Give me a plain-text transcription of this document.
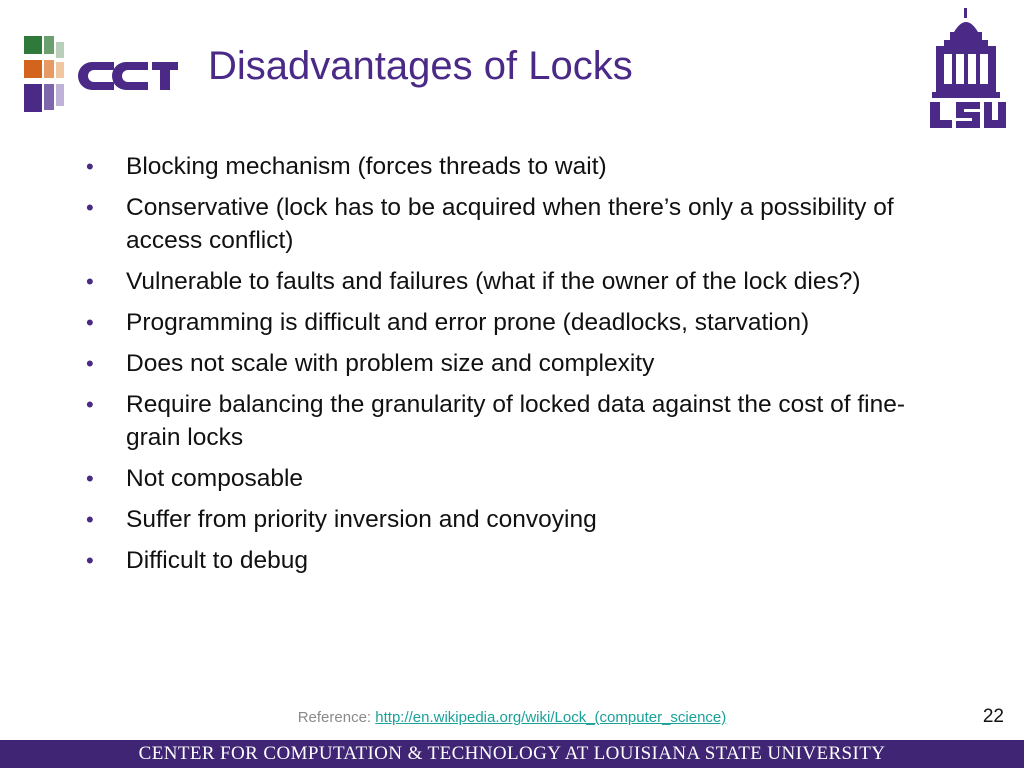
Disadvantages of Locks
• Blocking mechanism (forces threads to wait)
• Conservative (lock has to be acquired when there’s only a possibility of access conflict)
• Vulnerable to faults and failures (what if the owner of the lock dies?)
• Programming is difficult and error prone (deadlocks, starvation)
• Does not scale with problem size and complexity
• Require balancing the granularity of locked data against the cost of fine-grain locks
• Not composable
• Suffer from priority inversion and convoying
• Difficult to debug
Reference: http://en.wikipedia.org/wiki/Lock_(computer_science)	22
CENTER FOR COMPUTATION & TECHNOLOGY AT LOUISIANA STATE UNIVERSITY
